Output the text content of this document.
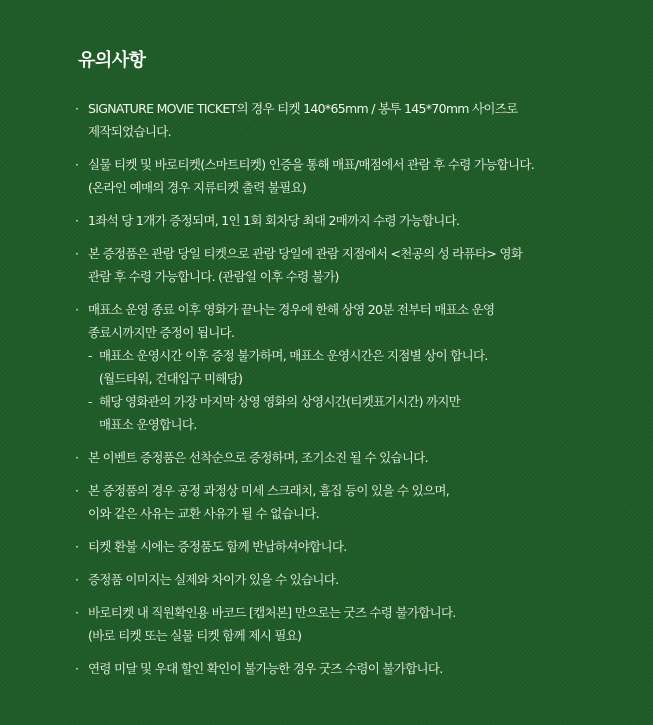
유의사항
· SIGNATURE MOVIE TICKET의 경우 티켓 140*65mm / 봉투 145*70mm 사이즈로
제작되었습니다.
· 실물 티켓 및 바로티켓(스마트티켓) 인증을 통해 매표/매점에서 관람 후 수령 가능합니다.
(온라인 예매의 경우 지류티켓 출력 불필요)
· 1좌석 당 1개가 증정되며, 1인 1회 회차당 최대 2매까지 수령 가능합니다.
· 본 증정품은 관람 당일 티켓으로 관람 당일에 관람 지점에서 <천공의 성 라퓨타> 영화
관람 후 수령 가능합니다. (관람일 이후 수령 불가)
· 매표소 운영 종료 이후 영화가 끝나는 경우에 한해 상영 20분 전부터 매표소 운영
종료시까지만 증정이 됩니다.
- 매표소 운영시간 이후 증정 불가하며, 매표소 운영시간은 지점별 상이 합니다.
(월드타워, 건대입구 미해당)
- 해당 영화관의 가장 마지막 상영 영화의 상영시간(티켓표기시간) 까지만
매표소 운영합니다.
· 본 이벤트 증정품은 선착순으로 증정하며, 조기소진 될 수 있습니다.
· 본 증정품의 경우 공정 과정상 미세 스크래치, 흠집 등이 있을 수 있으며,
이와 같은 사유는 교환 사유가 될 수 없습니다.
· 티켓 환불 시에는 증정품도 함께 반납하셔야합니다.
· 증정품 이미지는 실제와 차이가 있을 수 있습니다.
· 바로티켓 내 직원확인용 바코드 [캡처본] 만으로는 굿즈 수령 불가합니다.
(바로 티켓 또는 실물 티켓 함께 제시 필요)
· 연령 미달 및 우대 할인 확인이 불가능한 경우 굿즈 수령이 불가합니다.
